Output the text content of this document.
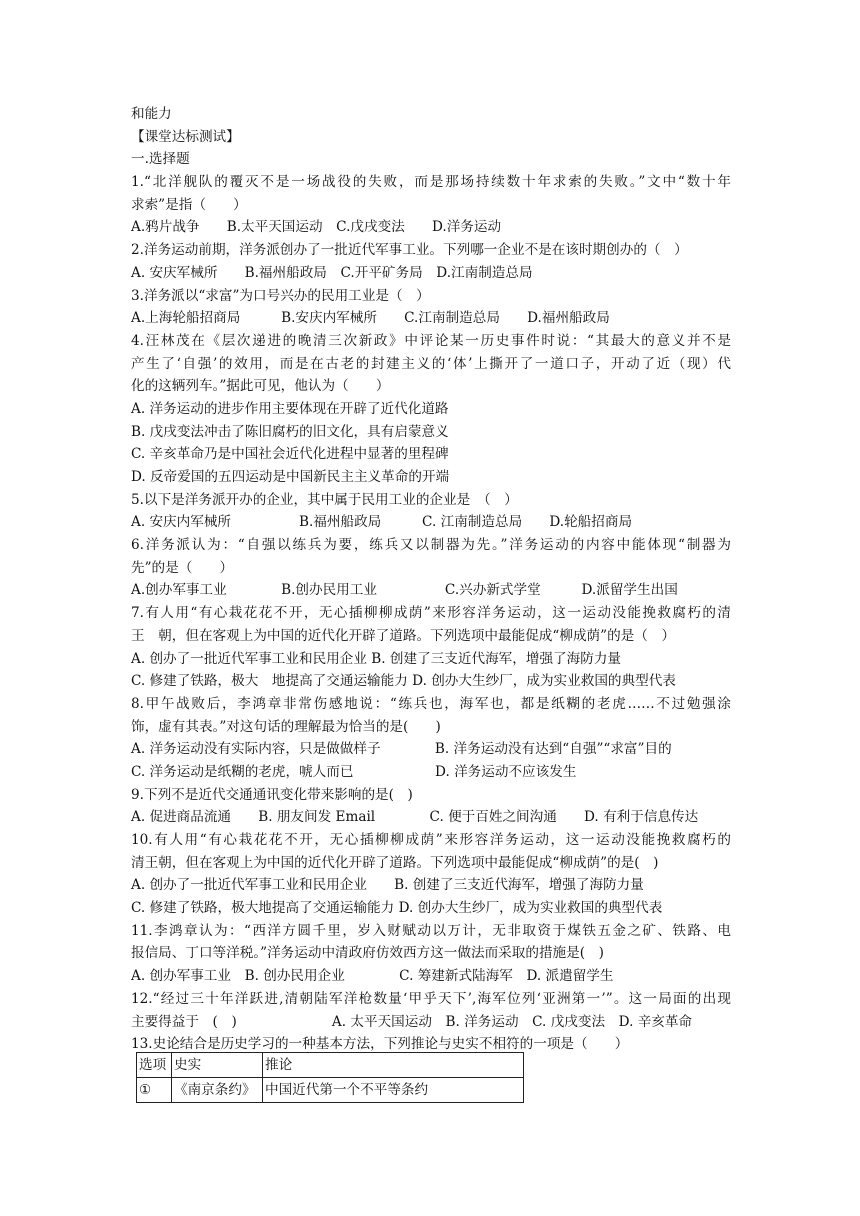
和能力
【课堂达标测试】
一.选择题
1.“北洋舰队的覆灭不是一场战役的失败，而是那场持续数十年求索的失败。”文中“数十年
求索”是指（　　）
A.鸦片战争　　B.太平天国运动　C.戊戌变法　　D.洋务运动
2.洋务运动前期，洋务派创办了一批近代军事工业。下列哪一企业不是在该时期创办的（　）
A. 安庆军械所　　B.福州船政局　C.开平矿务局　D.江南制造总局
3.洋务派以“求富”为口号兴办的民用工业是（　）
A.上海轮船招商局　　　B.安庆内军械所　　C.江南制造总局　　D.福州船政局
4.汪林茂在《层次递进的晚清三次新政》中评论某一历史事件时说：“其最大的意义并不是
产生了‘自强’的效用，而是在古老的封建主义的‘体’上撕开了一道口子，开动了近（现）代
化的这辆列车。”据此可见，他认为（　　）
A. 洋务运动的进步作用主要体现在开辟了近代化道路
B. 戊戌变法冲击了陈旧腐朽的旧文化，具有启蒙意义
C. 辛亥革命乃是中国社会近代化进程中显著的里程碑
D. 反帝爱国的五四运动是中国新民主主义革命的开端
5.以下是洋务派开办的企业，其中属于民用工业的企业是　（　）
A. 安庆内军械所　　　　　B.福州船政局　　　C. 江南制造总局　　D.轮船招商局
6.洋务派认为：“自强以练兵为要，练兵又以制器为先。”洋务运动的内容中能体现“制器为
先”的是（　　）
A.创办军事工业　　　　B.创办民用工业　　　　　C.兴办新式学堂　　　D.派留学生出国
7.有人用“有心栽花花不开，无心插柳柳成荫”来形容洋务运动，这一运动没能挽救腐朽的清
王　朝，但在客观上为中国的近代化开辟了道路。下列选项中最能促成“柳成荫”的是（　）
A. 创办了一批近代军事工业和民用企业 B. 创建了三支近代海军，增强了海防力量
C. 修建了铁路，极大　地提高了交通运输能力 D. 创办大生纱厂，成为实业救国的典型代表
8.甲午战败后，李鸿章非常伤感地说：“练兵也，海军也，都是纸糊的老虎……不过勉强涂
饰，虚有其表。”对这句话的理解最为恰当的是(　　)
A. 洋务运动没有实际内容，只是做做样子　　　　B. 洋务运动没有达到“自强”“求富”目的
C. 洋务运动是纸糊的老虎，唬人而已　　　　　　D. 洋务运动不应该发生
9.下列不是近代交通通讯变化带来影响的是(　)
A. 促进商品流通　　B. 朋友间发 Email　　　　C. 便于百姓之间沟通　　D. 有利于信息传达
10.有人用“有心栽花花不开，无心插柳柳成荫”来形容洋务运动，这一运动没能挽救腐朽的
清王朝，但在客观上为中国的近代化开辟了道路。下列选项中最能促成“柳成荫”的是(　)
A. 创办了一批近代军事工业和民用企业　　B. 创建了三支近代海军，增强了海防力量
C. 修建了铁路，极大地提高了交通运输能力 D. 创办大生纱厂，成为实业救国的典型代表
11.李鸿章认为：“西洋方圆千里，岁入财赋动以万计，无非取资于煤铁五金之矿、铁路、电
报信局、丁口等洋税。”洋务运动中清政府仿效西方这一做法而采取的措施是(　)
A. 创办军事工业　B. 创办民用企业　　　　C. 筹建新式陆海军　D. 派遣留学生
12.“经过三十年洋跃进,清朝陆军洋枪数量‘甲乎天下’,海军位列‘亚洲第一’”。这一局面的出现
主要得益于　(　)　　　　　　　A. 太平天国运动　B. 洋务运动　C. 戊戌变法　D. 辛亥革命
13.史论结合是历史学习的一种基本方法，下列推论与史实不相符的一项是（　　）
选项	史实	推论
①	《南京条约》	中国近代第一个不平等条约
